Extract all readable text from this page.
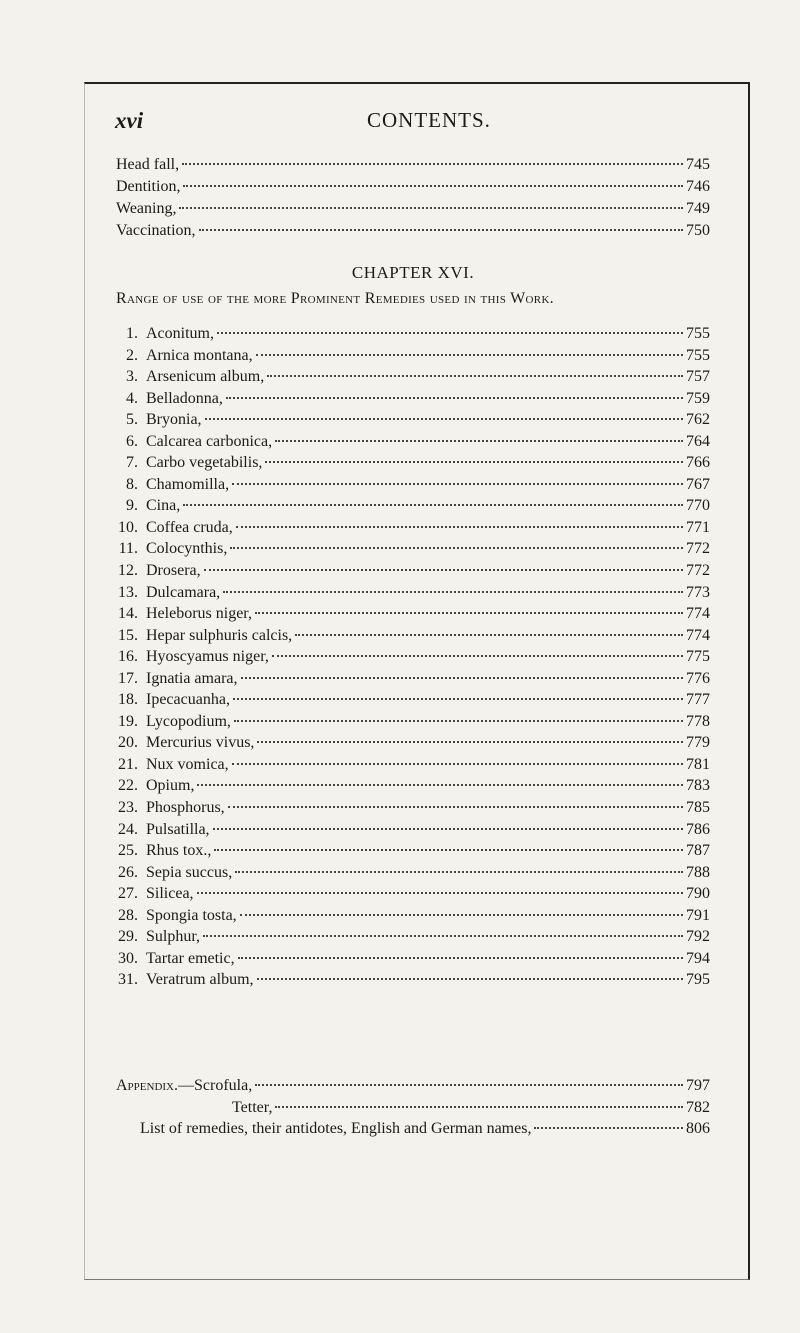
xvi	CONTENTS.
Head fall,	745
Dentition,	746
Weaning,	749
Vaccination,	750
CHAPTER XVI.
Range of use of the more Prominent Remedies used in this Work.
1. Aconitum,	755
2. Arnica montana,	755
3. Arsenicum album,	757
4. Belladonna,	759
5. Bryonia,	762
6. Calcarea carbonica,	764
7. Carbo vegetabilis,	766
8. Chamomilla,	767
9. Cina,	770
10. Coffea cruda,	771
11. Colocynthis,	772
12. Drosera,	772
13. Dulcamara,	773
14. Heleborus niger,	774
15. Hepar sulphuris calcis,	774
16. Hyoscyamus niger,	775
17. Ignatia amara,	776
18. Ipecacuanha,	777
19. Lycopodium,	778
20. Mercurius vivus,	779
21. Nux vomica,	781
22. Opium,	783
23. Phosphorus,	785
24. Pulsatilla,	786
25. Rhus tox.,	787
26. Sepia succus,	788
27. Silicea,	790
28. Spongia tosta,	791
29. Sulphur,	792
30. Tartar emetic,	794
31. Veratrum album,	795
Appendix.—Scrofula,	797
Tetter,	782
List of remedies, their antidotes, English and German names,	806
